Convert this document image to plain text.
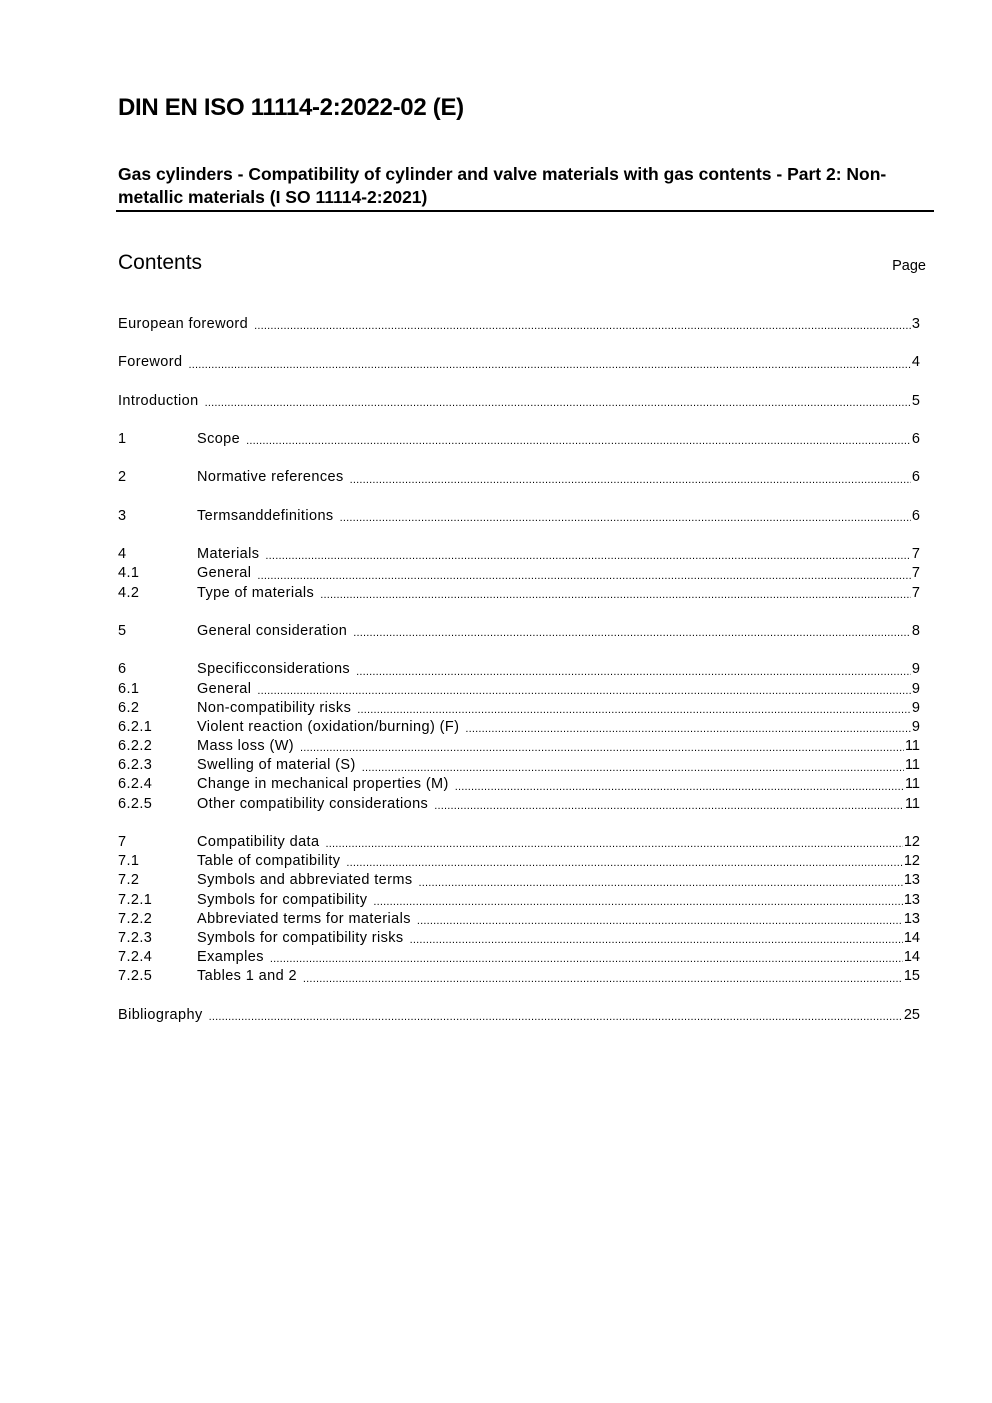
DIN EN ISO 11114-2:2022-02 (E)
Gas cylinders - Compatibility of cylinder and valve materials with gas contents - Part 2: Non-metallic materials (I SO 11114-2:2021)
Contents	Page
European foreword .....	3
Foreword .....	4
Introduction .....	5
1	Scope .....	6
2	Normative references .....	6
3	Termsanddefinitions .....	6
4	Materials .....	7
4.1	General .....	7
4.2	Type of materials .....	7
5	General consideration .....	8
6	Specificconsiderations .....	9
6.1	General .....	9
6.2	Non-compatibility risks .....	9
6.2.1	Violent reaction (oxidation/burning) (F) .....	9
6.2.2	Mass loss (W) .....	11
6.2.3	Swelling of material (S) .....	11
6.2.4	Change in mechanical properties (M) .....	11
6.2.5	Other compatibility considerations .....	11
7	Compatibility data .....	12
7.1	Table of compatibility .....	12
7.2	Symbols and abbreviated terms .....	13
7.2.1	Symbols for compatibility .....	13
7.2.2	Abbreviated terms for materials .....	13
7.2.3	Symbols for compatibility risks .....	14
7.2.4	Examples .....	14
7.2.5	Tables 1 and 2 .....	15
Bibliography .....	25
